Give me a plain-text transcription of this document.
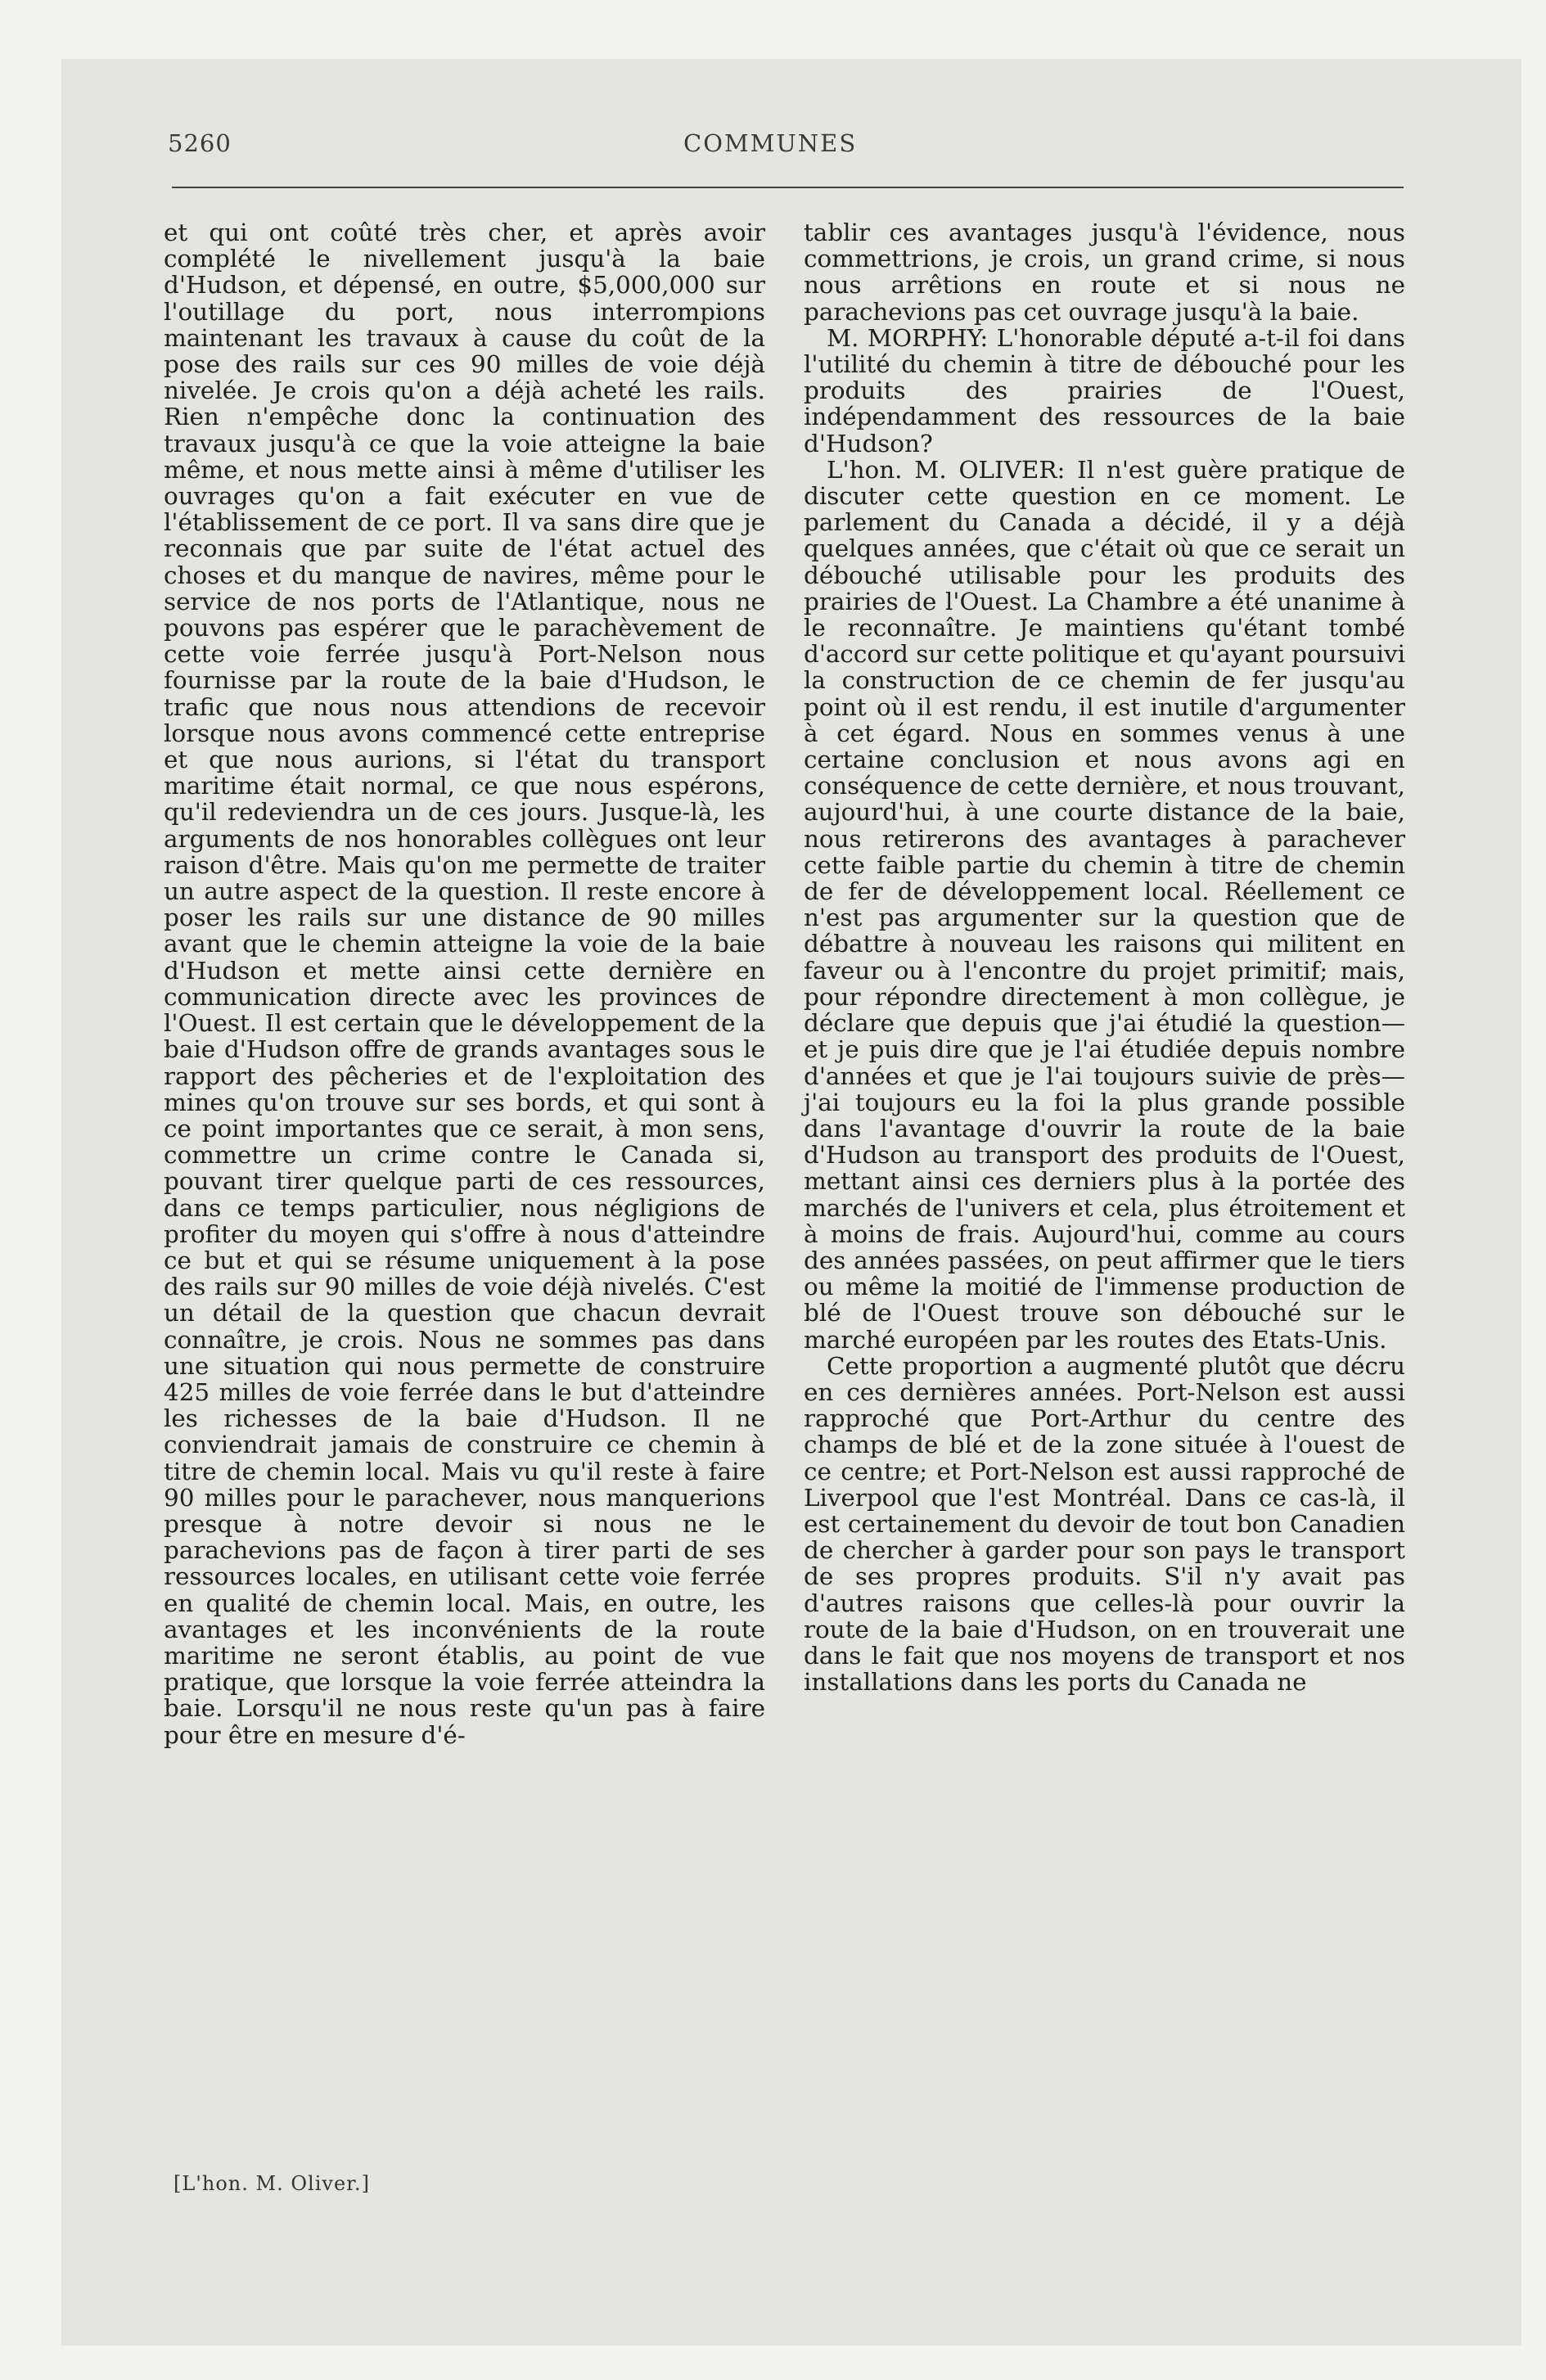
5260	COMMUNES

et qui ont coûté très cher, et après avoir complété le nivellement jusqu'à la baie d'Hudson, et dépensé, en outre, $5,000,000 sur l'outillage du port, nous interrompions maintenant les travaux à cause du coût de la pose des rails sur ces 90 milles de voie déjà nivelée. Je crois qu'on a déjà acheté les rails. Rien n'empêche donc la continuation des travaux jusqu'à ce que la voie atteigne la baie même, et nous mette ainsi à même d'utiliser les ouvrages qu'on a fait exécuter en vue de l'établissement de ce port. Il va sans dire que je reconnais que par suite de l'état actuel des choses et du manque de navires, même pour le service de nos ports de l'Atlantique, nous ne pouvons pas espérer que le parachèvement de cette voie ferrée jusqu'à Port-Nelson nous fournisse par la route de la baie d'Hudson, le trafic que nous nous attendions de recevoir lorsque nous avons commencé cette entreprise et que nous aurions, si l'état du transport maritime était normal, ce que nous espérons, qu'il redeviendra un de ces jours. Jusque-là, les arguments de nos honorables collègues ont leur raison d'être. Mais qu'on me permette de traiter un autre aspect de la question. Il reste encore à poser les rails sur une distance de 90 milles avant que le chemin atteigne la voie de la baie d'Hudson et mette ainsi cette dernière en communication directe avec les provinces de l'Ouest. Il est certain que le développement de la baie d'Hudson offre de grands avantages sous le rapport des pêcheries et de l'exploitation des mines qu'on trouve sur ses bords, et qui sont à ce point importantes que ce serait, à mon sens, commettre un crime contre le Canada si, pouvant tirer quelque parti de ces ressources, dans ce temps particulier, nous négligions de profiter du moyen qui s'offre à nous d'atteindre ce but et qui se résume uniquement à la pose des rails sur 90 milles de voie déjà nivelés. C'est un détail de la question que chacun devrait connaître, je crois. Nous ne sommes pas dans une situation qui nous permette de construire 425 milles de voie ferrée dans le but d'atteindre les richesses de la baie d'Hudson. Il ne conviendrait jamais de construire ce chemin à titre de chemin local. Mais vu qu'il reste à faire 90 milles pour le parachever, nous manquerions presque à notre devoir si nous ne le parachevions pas de façon à tirer parti de ses ressources locales, en utilisant cette voie ferrée en qualité de chemin local. Mais, en outre, les avantages et les inconvénients de la route maritime ne seront établis, au point de vue pratique, que lorsque la voie ferrée atteindra la baie. Lorsqu'il ne nous reste qu'un pas à faire pour être en mesure d'é-

tablir ces avantages jusqu'à l'évidence, nous commettrions, je crois, un grand crime, si nous nous arrêtions en route et si nous ne parachevions pas cet ouvrage jusqu'à la baie.

M. MORPHY: L'honorable député a-t-il foi dans l'utilité du chemin à titre de débouché pour les produits des prairies de l'Ouest, indépendamment des ressources de la baie d'Hudson?

L'hon. M. OLIVER: Il n'est guère pratique de discuter cette question en ce moment. Le parlement du Canada a décidé, il y a déjà quelques années, que c'était où que ce serait un débouché utilisable pour les produits des prairies de l'Ouest. La Chambre a été unanime à le reconnaître. Je maintiens qu'étant tombé d'accord sur cette politique et qu'ayant poursuivi la construction de ce chemin de fer jusqu'au point où il est rendu, il est inutile d'argumenter à cet égard. Nous en sommes venus à une certaine conclusion et nous avons agi en conséquence de cette dernière, et nous trouvant, aujourd'hui, à une courte distance de la baie, nous retirerons des avantages à parachever cette faible partie du chemin à titre de chemin de fer de développement local. Réellement ce n'est pas argumenter sur la question que de débattre à nouveau les raisons qui militent en faveur ou à l'encontre du projet primitif; mais, pour répondre directement à mon collègue, je déclare que depuis que j'ai étudié la question—et je puis dire que je l'ai étudiée depuis nombre d'années et que je l'ai toujours suivie de près—j'ai toujours eu la foi la plus grande possible dans l'avantage d'ouvrir la route de la baie d'Hudson au transport des produits de l'Ouest, mettant ainsi ces derniers plus à la portée des marchés de l'univers et cela, plus étroitement et à moins de frais. Aujourd'hui, comme au cours des années passées, on peut affirmer que le tiers ou même la moitié de l'immense production de blé de l'Ouest trouve son débouché sur le marché européen par les routes des Etats-Unis.

Cette proportion a augmenté plutôt que décru en ces dernières années. Port-Nelson est aussi rapproché que Port-Arthur du centre des champs de blé et de la zone située à l'ouest de ce centre; et Port-Nelson est aussi rapproché de Liverpool que l'est Montréal. Dans ce cas-là, il est certainement du devoir de tout bon Canadien de chercher à garder pour son pays le transport de ses propres produits. S'il n'y avait pas d'autres raisons que celles-là pour ouvrir la route de la baie d'Hudson, on en trouverait une dans le fait que nos moyens de transport et nos installations dans les ports du Canada ne

[L'hon. M. Oliver.]
